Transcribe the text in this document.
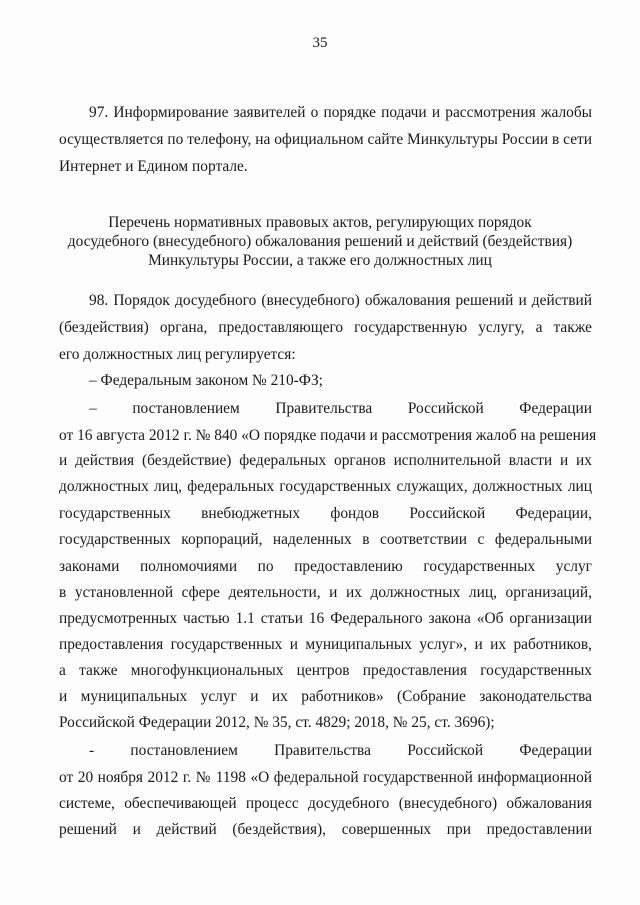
35
97. Информирование заявителей о порядке подачи и рассмотрения жалобы
осуществляется по телефону, на официальном сайте Минкультуры России в сети
Интернет и Едином портале.
Перечень нормативных правовых актов, регулирующих порядок
досудебного (внесудебного) обжалования решений и действий (бездействия)
Минкультуры России, а также его должностных лиц
98. Порядок досудебного (внесудебного) обжалования решений и действий
(бездействия) органа, предоставляющего государственную услугу, а также
его должностных лиц регулируется:
– Федеральным законом № 210-ФЗ;
– постановлением Правительства Российской Федерации
от 16 августа 2012 г. № 840 «О порядке подачи и рассмотрения жалоб на решения
и действия (бездействие) федеральных органов исполнительной власти и их
должностных лиц, федеральных государственных служащих, должностных лиц
государственных внебюджетных фондов Российской Федерации,
государственных корпораций, наделенных в соответствии с федеральными
законами полномочиями по предоставлению государственных услуг
в установленной сфере деятельности, и их должностных лиц, организаций,
предусмотренных частью 1.1 статьи 16 Федерального закона «Об организации
предоставления государственных и муниципальных услуг», и их работников,
а также многофункциональных центров предоставления государственных
и муниципальных услуг и их работников» (Собрание законодательства
Российской Федерации 2012, № 35, ст. 4829; 2018, № 25, ст. 3696);
- постановлением Правительства Российской Федерации
от 20 ноября 2012 г. № 1198 «О федеральной государственной информационной
системе, обеспечивающей процесс досудебного (внесудебного) обжалования
решений и действий (бездействия), совершенных при предоставлении
